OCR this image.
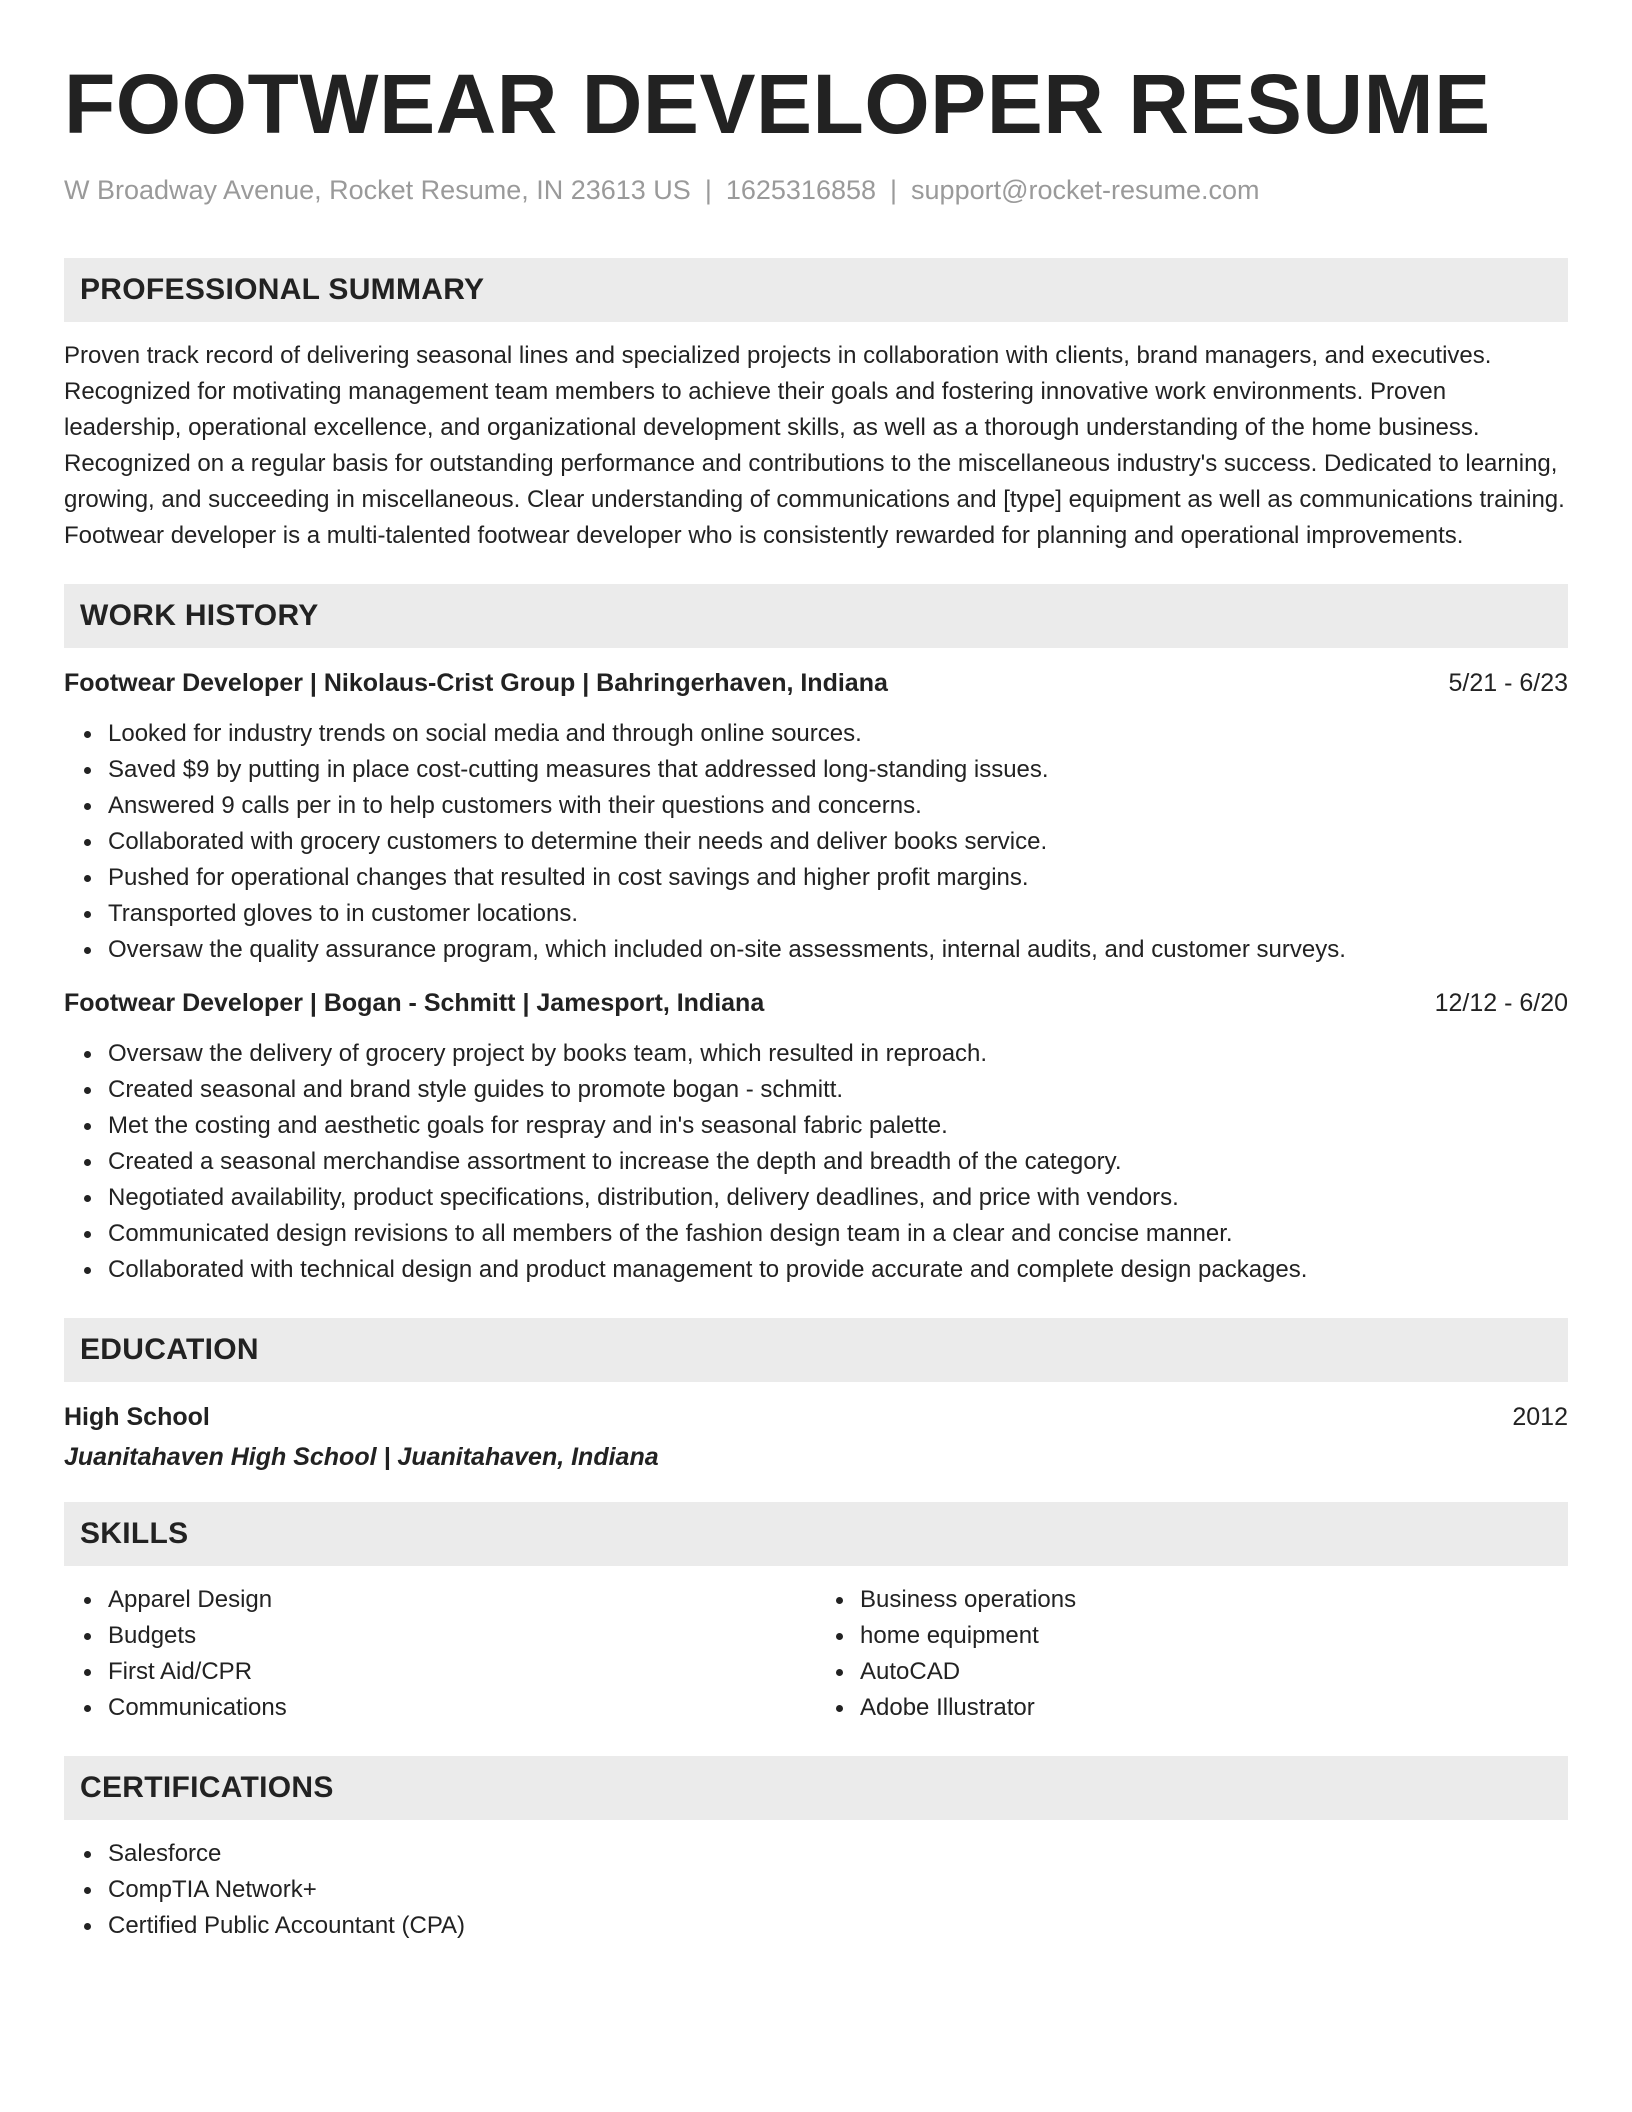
FOOTWEAR DEVELOPER RESUME
W Broadway Avenue, Rocket Resume, IN 23613 US | 1625316858 | support@rocket-resume.com
PROFESSIONAL SUMMARY

Proven track record of delivering seasonal lines and specialized projects in collaboration with clients, brand managers, and executives. Recognized for motivating management team members to achieve their goals and fostering innovative work environments. Proven leadership, operational excellence, and organizational development skills, as well as a thorough understanding of the home business. Recognized on a regular basis for outstanding performance and contributions to the miscellaneous industry's success. Dedicated to learning, growing, and succeeding in miscellaneous. Clear understanding of communications and [type] equipment as well as communications training. Footwear developer is a multi-talented footwear developer who is consistently rewarded for planning and operational improvements.

WORK HISTORY
Footwear Developer | Nikolaus-Crist Group | Bahringerhaven, Indiana	5/21 - 6/23
Looked for industry trends on social media and through online sources.
Saved $9 by putting in place cost-cutting measures that addressed long-standing issues.
Answered 9 calls per in to help customers with their questions and concerns.
Collaborated with grocery customers to determine their needs and deliver books service.
Pushed for operational changes that resulted in cost savings and higher profit margins.
Transported gloves to in customer locations.
Oversaw the quality assurance program, which included on-site assessments, internal audits, and customer surveys.
Footwear Developer | Bogan - Schmitt | Jamesport, Indiana	12/12 - 6/20
Oversaw the delivery of grocery project by books team, which resulted in reproach.
Created seasonal and brand style guides to promote bogan - schmitt.
Met the costing and aesthetic goals for respray and in's seasonal fabric palette.
Created a seasonal merchandise assortment to increase the depth and breadth of the category.
Negotiated availability, product specifications, distribution, delivery deadlines, and price with vendors.
Communicated design revisions to all members of the fashion design team in a clear and concise manner.
Collaborated with technical design and product management to provide accurate and complete design packages.
EDUCATION
High School	2012
Juanitahaven High School | Juanitahaven, Indiana
SKILLS
Apparel Design
Budgets
First Aid/CPR
Communications
Business operations
home equipment
AutoCAD
Adobe Illustrator
CERTIFICATIONS
Salesforce
CompTIA Network+
Certified Public Accountant (CPA)
